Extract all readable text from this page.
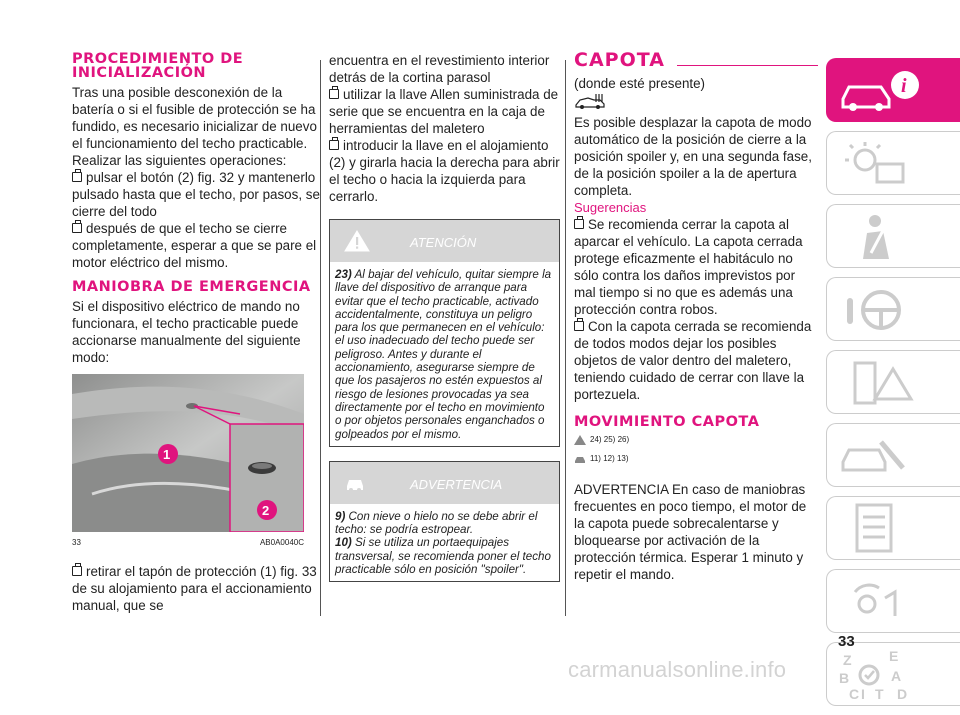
PROCEDIMIENTO DE INICIALIZACIÓN

Tras una posible desconexión de la batería o si el fusible de protección se ha fundido, es necesario inicializar de nuevo el funcionamiento del techo practicable. Realizar las siguientes operaciones:

pulsar el botón (2) fig. 32 y mantenerlo pulsado hasta que el techo, por pasos, se cierre del todo

después de que el techo se cierre completamente, esperar a que se pare el motor eléctrico del mismo.

MANIOBRA DE EMERGENCIA

Si el dispositivo eléctrico de mando no funcionara, el techo practicable puede accionarse manualmente del siguiente modo:

1
2
33	AB0A0040C

retirar el tapón de protección (1) fig. 33 de su alojamiento para el accionamiento manual, que se

encuentra en el revestimiento interior detrás de la cortina parasol

utilizar la llave Allen suministrada de serie que se encuentra en la caja de herramientas del maletero

introducir la llave en el alojamiento (2) y girarla hacia la derecha para abrir el techo o hacia la izquierda para cerrarlo.

ATENCIÓN
23) Al bajar del vehículo, quitar siempre la llave del dispositivo de arranque para evitar que el techo practicable, activado accidentalmente, constituya un peligro para los que permanecen en el vehículo: el uso inadecuado del techo puede ser peligroso. Antes y durante el accionamiento, asegurarse siempre de que los pasajeros no estén expuestos al riesgo de lesiones provocadas ya sea directamente por el techo en movimiento o por objetos personales enganchados o golpeados por el mismo.
ADVERTENCIA
9) Con nieve o hielo no se debe abrir el techo: se podría estropear.
10) Si se utiliza un portaequipajes transversal, se recomienda poner el techo practicable sólo en posición "spoiler".
CAPOTA

(donde esté presente)

Es posible desplazar la capota de modo automático de la posición de cierre a la posición spoiler y, en una segunda fase, de la posición spoiler a la de apertura completa.

Sugerencias

Se recomienda cerrar la capota al aparcar el vehículo. La capota cerrada protege eficazmente el habitáculo no sólo contra los daños imprevistos por mal tiempo si no que es además una protección contra robos.

Con la capota cerrada se recomienda de todos modos dejar los posibles objetos de valor dentro del maletero, teniendo cuidado de cerrar con llave la portezuela.

MOVIMIENTO CAPOTA
24) 25) 26)
11) 12) 13)

ADVERTENCIA En caso de maniobras frecuentes en poco tiempo, el motor de la capota puede sobrecalentarse y bloquearse por activación de la protección térmica. Esperar 1 minuto y repetir el mando.

i
Z	E
B	A
C	D
I T
33
carmanualsonline.info
